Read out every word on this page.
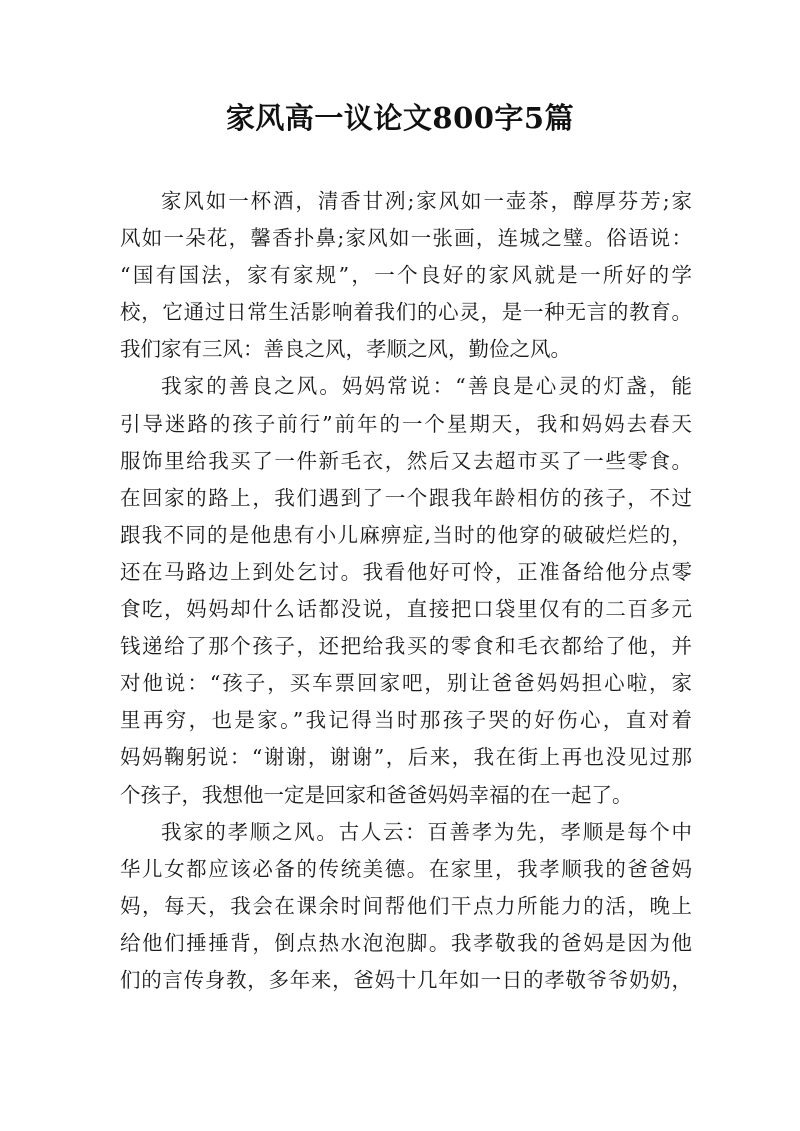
家风高一议论文800字5篇
家风如一杯酒，清香甘冽;家风如一壶茶，醇厚芬芳;家
风如一朵花，馨香扑鼻;家风如一张画，连城之璧。俗语说：
“国有国法，家有家规”，一个良好的家风就是一所好的学
校，它通过日常生活影响着我们的心灵，是一种无言的教育。
我们家有三风：善良之风，孝顺之风，勤俭之风。
我家的善良之风。妈妈常说：“善良是心灵的灯盏，能
引导迷路的孩子前行”前年的一个星期天，我和妈妈去春天
服饰里给我买了一件新毛衣，然后又去超市买了一些零食。
在回家的路上，我们遇到了一个跟我年龄相仿的孩子，不过
跟我不同的是他患有小儿麻痹症,当时的他穿的破破烂烂的，
还在马路边上到处乞讨。我看他好可怜，正准备给他分点零
食吃，妈妈却什么话都没说，直接把口袋里仅有的二百多元
钱递给了那个孩子，还把给我买的零食和毛衣都给了他，并
对他说：“孩子，买车票回家吧，别让爸爸妈妈担心啦，家
里再穷，也是家。”我记得当时那孩子哭的好伤心，直对着
妈妈鞠躬说：“谢谢，谢谢”，后来，我在街上再也没见过那
个孩子，我想他一定是回家和爸爸妈妈幸福的在一起了。
我家的孝顺之风。古人云：百善孝为先，孝顺是每个中
华儿女都应该必备的传统美德。在家里，我孝顺我的爸爸妈
妈，每天，我会在课余时间帮他们干点力所能力的活，晚上
给他们捶捶背，倒点热水泡泡脚。我孝敬我的爸妈是因为他
们的言传身教，多年来，爸妈十几年如一日的孝敬爷爷奶奶，
